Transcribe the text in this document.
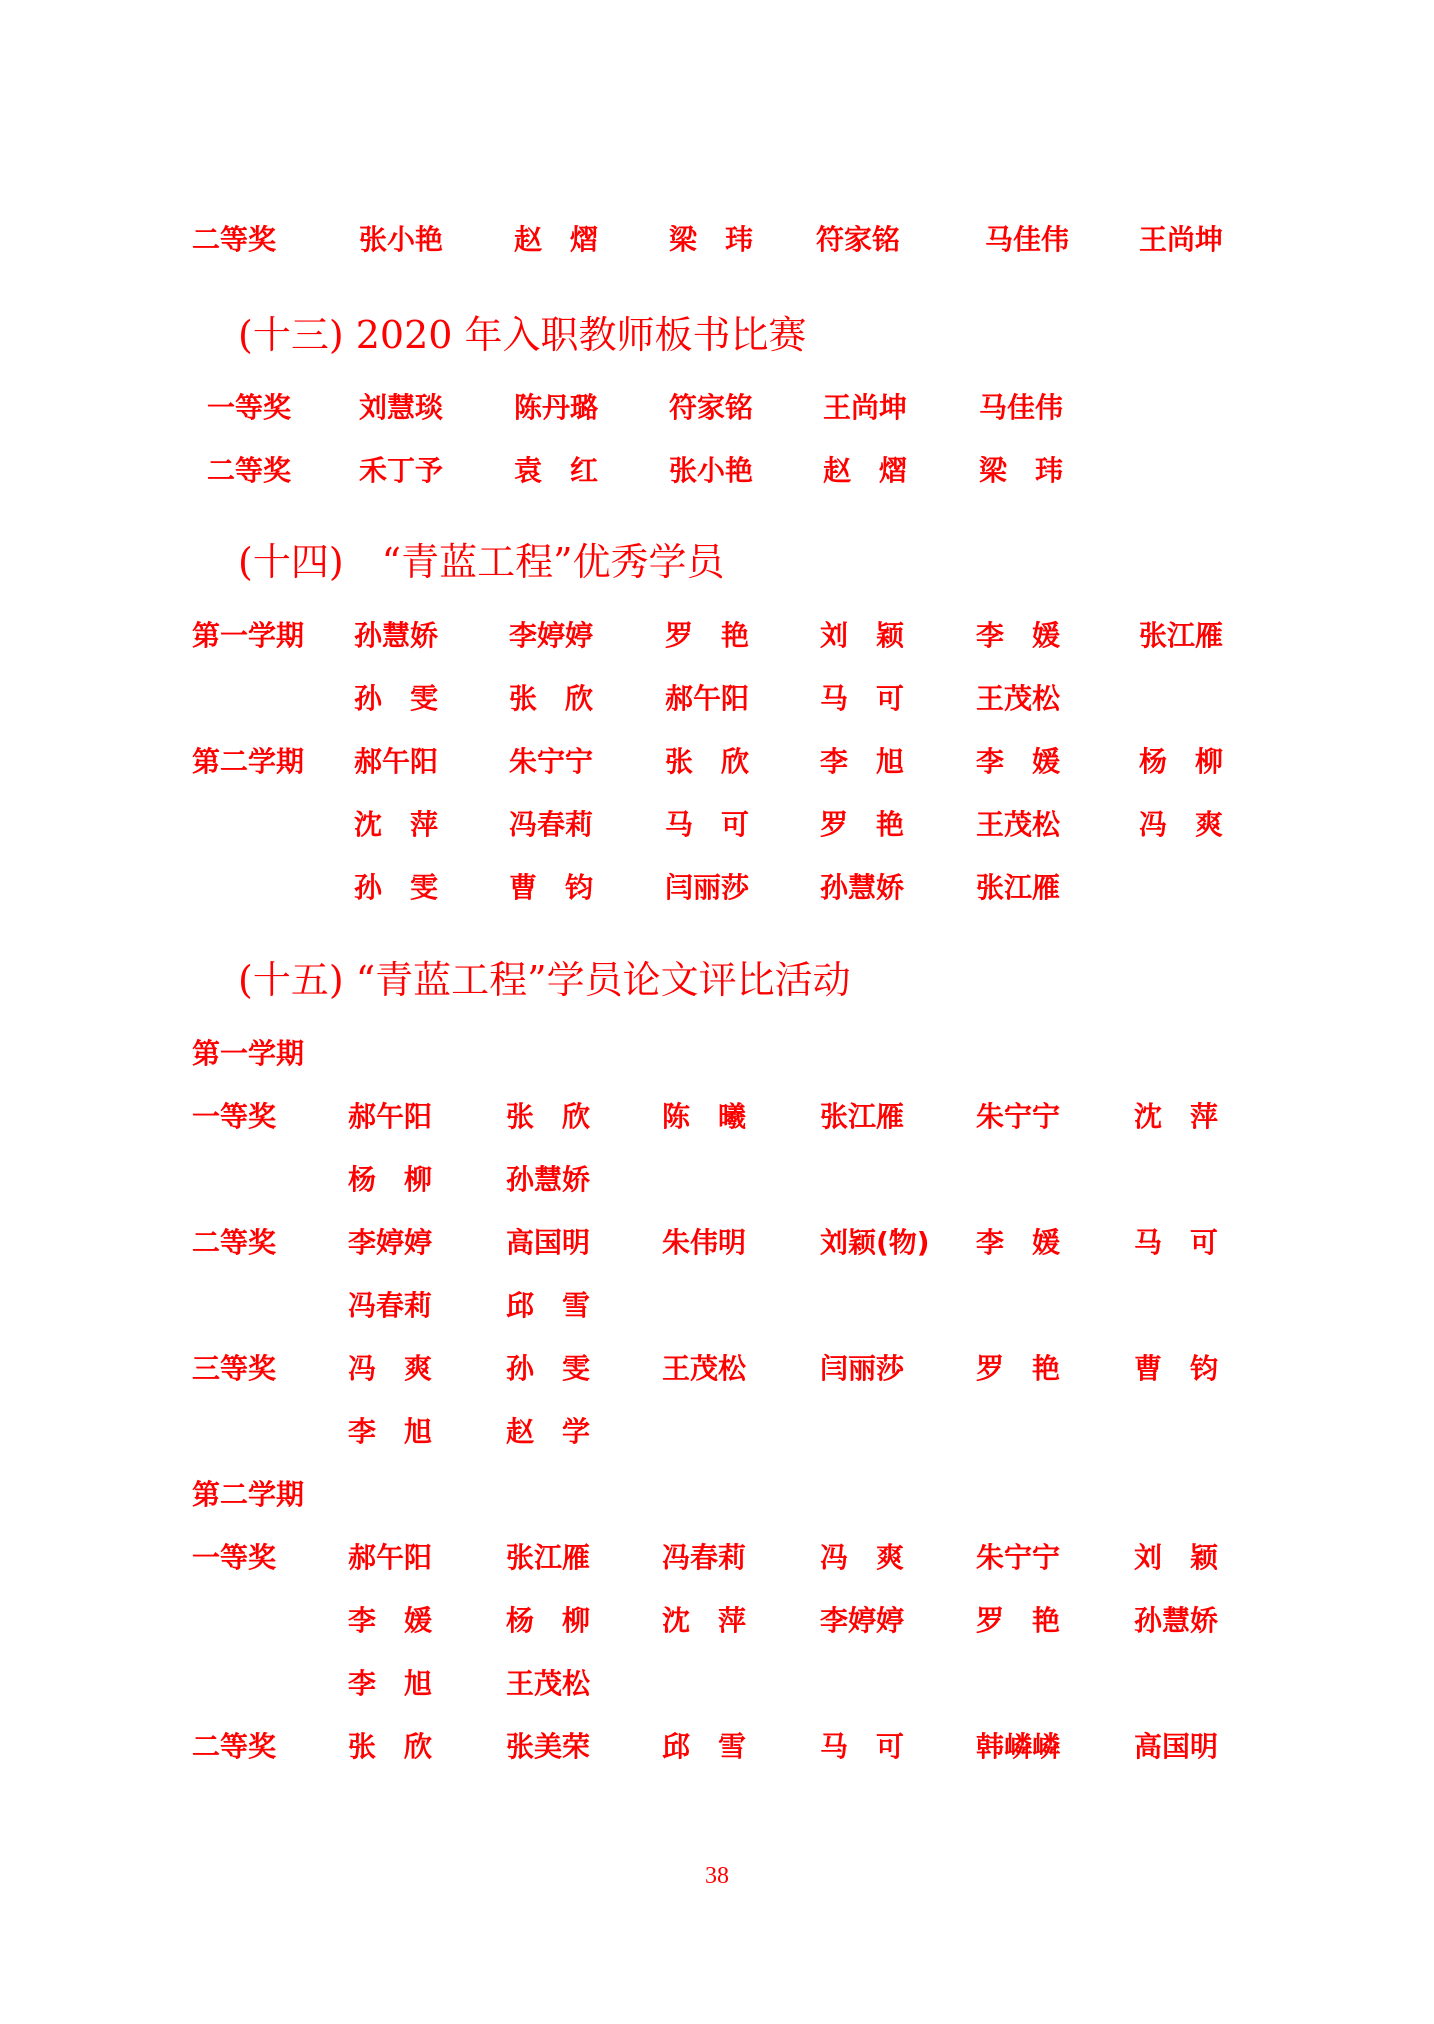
二等奖	张小艳	赵　熠	梁　玮 符家铭	马佳伟 王尚坤
(十三) 2020 年入职教师板书比赛
一等奖 刘慧琰	陈丹璐	符家铭 王尚坤	马佳伟
二等奖 禾丁予	袁　红	张小艳 赵　熠	梁　玮
(十四)　“青蓝工程”优秀学员
第一学期 孙慧娇	李婷婷	罗　艳	刘　颖	李　媛	张江雁
孙　雯	张　欣	郝午阳	马　可	王茂松
第二学期 郝午阳	朱宁宁	张　欣	李　旭	李　媛	杨　柳
沈　萍	冯春莉	马　可	罗　艳	王茂松	冯　爽
孙　雯	曹　钧	闫丽莎	孙慧娇	张江雁
(十五) “青蓝工程”学员论文评比活动
第一学期
一等奖	郝午阳	张　欣	陈　曦	张江雁	朱宁宁	沈　萍
杨　柳	孙慧娇
二等奖	李婷婷	高国明	朱伟明	刘颖(物) 李　媛	马　可
冯春莉	邱　雪
三等奖	冯　爽	孙　雯	王茂松	闫丽莎	罗　艳	曹　钧
李　旭	赵　学
第二学期
一等奖	郝午阳	张江雁	冯春莉	冯　爽	朱宁宁	刘　颖
李　媛	杨　柳	沈　萍	李婷婷	罗　艳	孙慧娇
李　旭	王茂松
二等奖	张　欣	张美荣	邱　雪	马　可	韩嶙嶙	高国明
38
